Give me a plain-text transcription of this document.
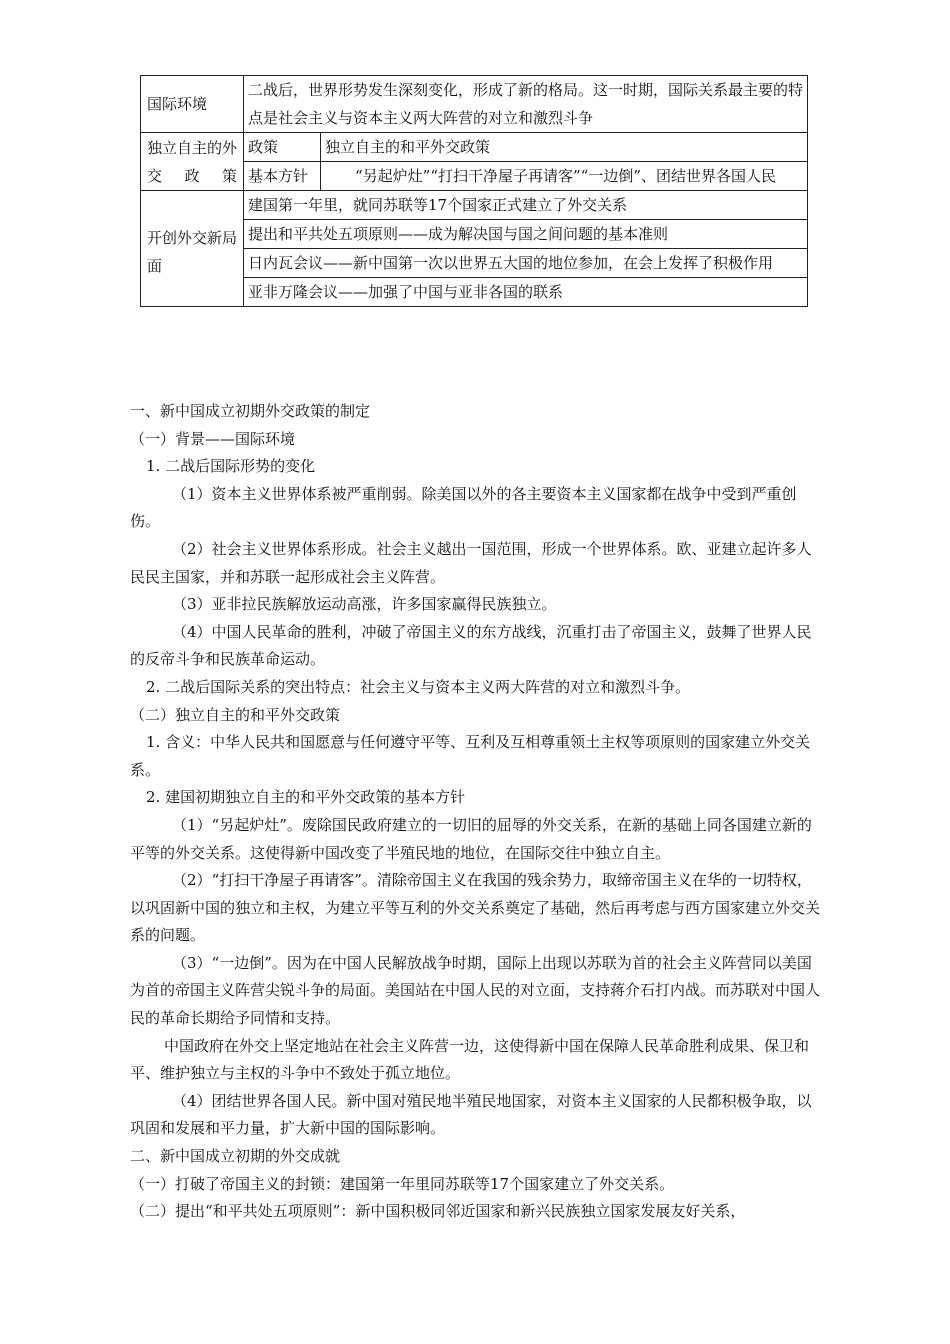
国际环境	二战后，世界形势发生深刻变化，形成了新的格局。这一时期，国际关系最主要的特点是社会主义与资本主义两大阵营的对立和激烈斗争	
独立自主的外交政策	政策	独立自主的和平外交政策
	基本方针	“另起炉灶”“打扫干净屋子再请客”“一边倒”、团结世界各国人民
开创外交新局面	建国第一年里，就同苏联等17个国家正式建立了外交关系	
	提出和平共处五项原则——成为解决国与国之间问题的基本准则	
	日内瓦会议——新中国第一次以世界五大国的地位参加，在会上发挥了积极作用	
	亚非万隆会议——加强了中国与亚非各国的联系	
一、新中国成立初期外交政策的制定
（一）背景——国际环境
1. 二战后国际形势的变化
（1）资本主义世界体系被严重削弱。除美国以外的各主要资本主义国家都在战争中受到严重创伤。
（2）社会主义世界体系形成。社会主义越出一国范围，形成一个世界体系。欧、亚建立起许多人民民主国家，并和苏联一起形成社会主义阵营。
（3）亚非拉民族解放运动高涨，许多国家赢得民族独立。
（4）中国人民革命的胜利，冲破了帝国主义的东方战线，沉重打击了帝国主义，鼓舞了世界人民的反帝斗争和民族革命运动。
2. 二战后国际关系的突出特点：社会主义与资本主义两大阵营的对立和激烈斗争。
（二）独立自主的和平外交政策
1. 含义：中华人民共和国愿意与任何遵守平等、互利及互相尊重领土主权等项原则的国家建立外交关系。
2. 建国初期独立自主的和平外交政策的基本方针
（1）“另起炉灶”。废除国民政府建立的一切旧的屈辱的外交关系，在新的基础上同各国建立新的平等的外交关系。这使得新中国改变了半殖民地的地位，在国际交往中独立自主。
（2）“打扫干净屋子再请客”。清除帝国主义在我国的残余势力，取缔帝国主义在华的一切特权，以巩固新中国的独立和主权，为建立平等互利的外交关系奠定了基础，然后再考虑与西方国家建立外交关系的问题。
（3）“一边倒”。因为在中国人民解放战争时期，国际上出现以苏联为首的社会主义阵营同以美国为首的帝国主义阵营尖锐斗争的局面。美国站在中国人民的对立面，支持蒋介石打内战。而苏联对中国人民的革命长期给予同情和支持。
中国政府在外交上坚定地站在社会主义阵营一边，这使得新中国在保障人民革命胜利成果、保卫和平、维护独立与主权的斗争中不致处于孤立地位。
（4）团结世界各国人民。新中国对殖民地半殖民地国家，对资本主义国家的人民都积极争取，以巩固和发展和平力量，扩大新中国的国际影响。
二、新中国成立初期的外交成就
（一）打破了帝国主义的封锁：建国第一年里同苏联等17个国家建立了外交关系。
（二）提出“和平共处五项原则”：新中国积极同邻近国家和新兴民族独立国家发展友好关系，
